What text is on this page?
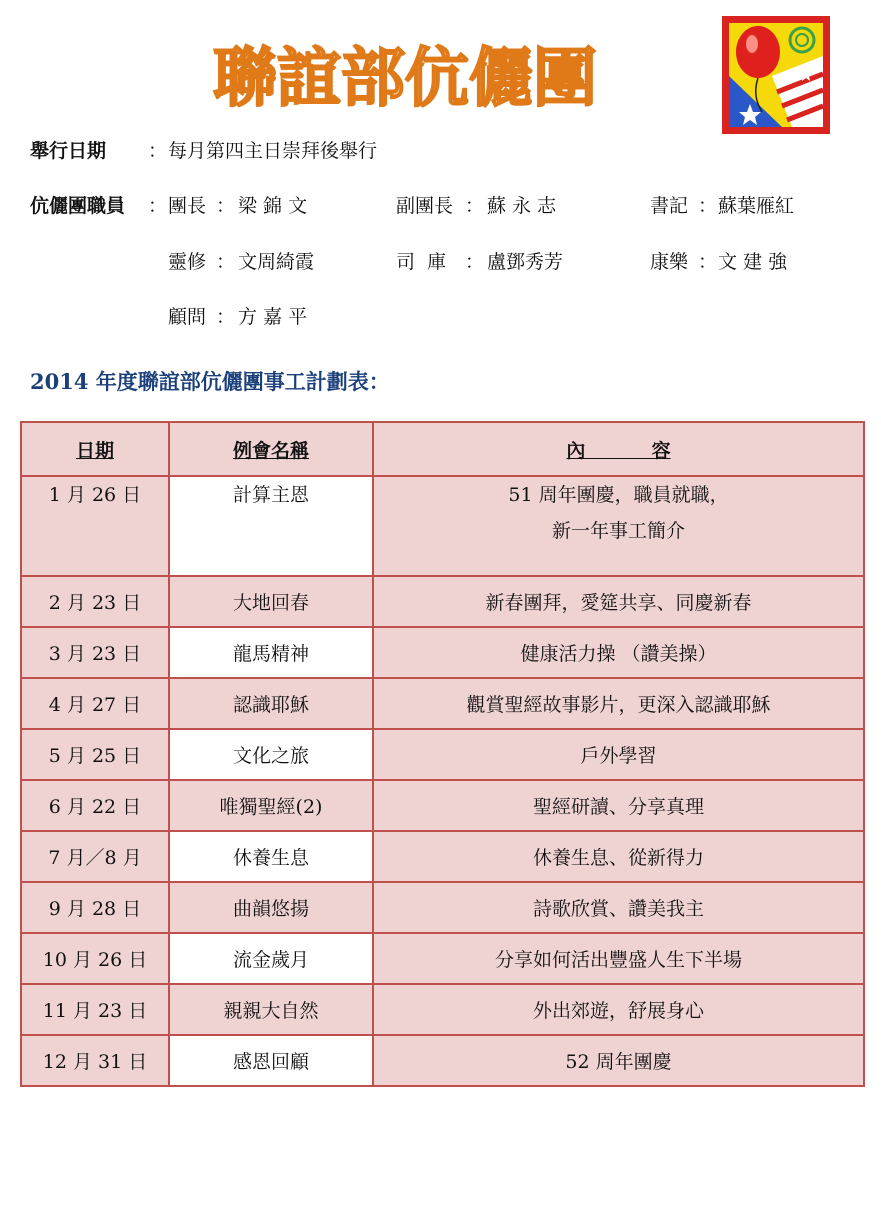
聯誼部伉儷團
舉行日期 ： 每月第四主日崇拜後舉行
伉儷團職員 ： 團長 ： 梁 錦 文	副團長 ： 蘇 永 志	書記 ： 蘇葉雁紅
靈修 ： 文周綺霞	司  庫 ： 盧鄧秀芳	康樂 ： 文 建 強
顧問 ： 方 嘉 平
2014 年度聯誼部伉儷團事工計劃表：
日期	例會名稱	內          容
1 月 26 日	計算主恩	51 周年團慶，職員就職，
新一年事工簡介

2 月 23 日	大地回春	新春團拜，愛筵共享、同慶新春
3 月 23 日	龍馬精神	健康活力操 （讚美操）
4 月 27 日	認識耶穌	觀賞聖經故事影片，更深入認識耶穌
5 月 25 日	文化之旅	戶外學習
6 月 22 日	唯獨聖經(2)	聖經研讀、分享真理
7 月／8 月	休養生息	休養生息、從新得力
9 月 28 日	曲韻悠揚	詩歌欣賞、讚美我主
10 月 26 日	流金歲月	分享如何活出豐盛人生下半場
11 月 23 日	親親大自然	外出郊遊，舒展身心
12 月 31 日	感恩回顧	52 周年團慶
